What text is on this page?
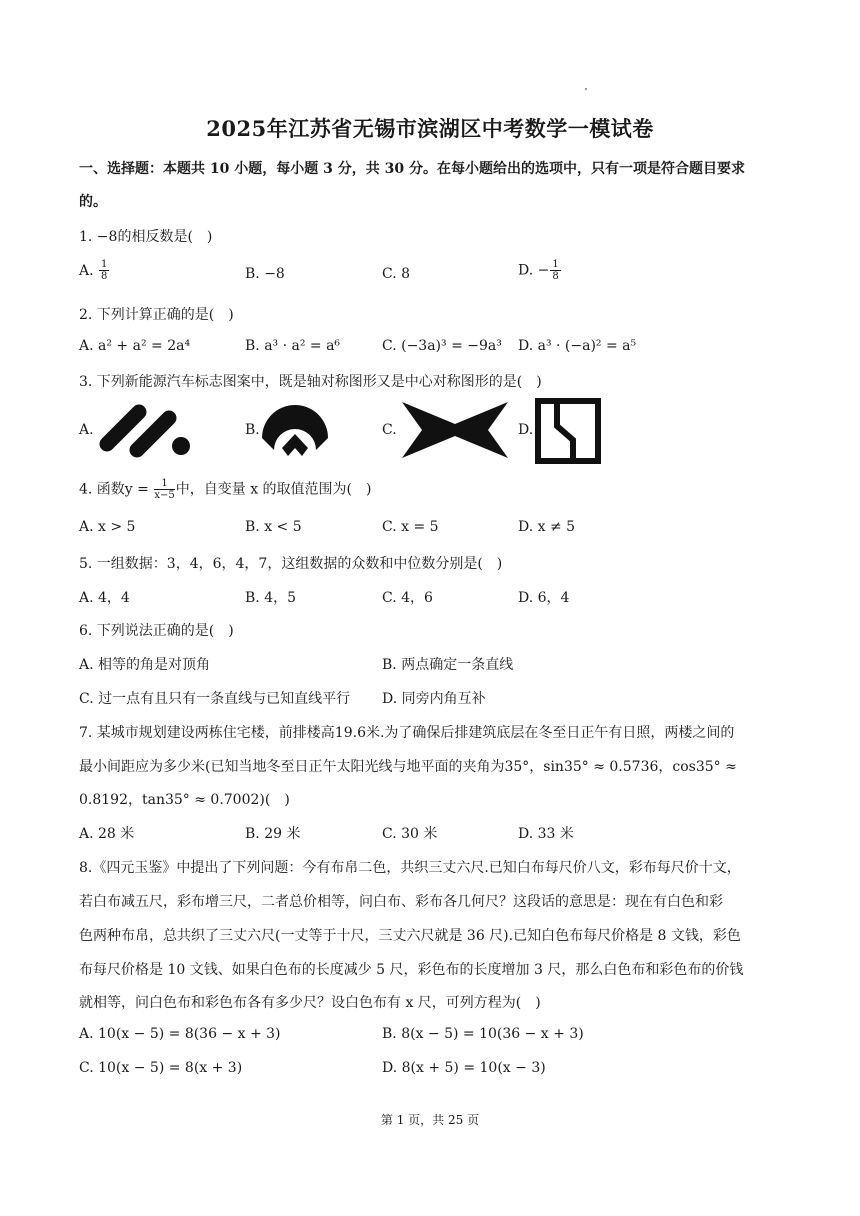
2025年江苏省无锡市滨湖区中考数学一模试卷
一、选择题：本题共 10 小题，每小题 3 分，共 30 分。在每小题给出的选项中，只有一项是符合题目要求
的。
1. −8的相反数是(　)
A. $\frac{1}{8}$	B. −8	C. 8	D. − $\frac{1}{8}$
2. 下列计算正确的是(　)
A. a² + a² = 2a⁴	B. a³ · a² = a⁶	C. (−3a)³ = −9a³ D. a³ · (−a)² = a⁵
3. 下列新能源汽车标志图案中，既是轴对称图形又是中心对称图形的是(　)
A.	B.	C.	D.
4. 函数$y = \frac{1}{x-5}$ 中，自变量 x 的取值范围为(　)
A. x > 5	B. x < 5	C. x = 5	D. x ≠ 5
5. 一组数据：3，4，6，4，7，这组数据的众数和中位数分别是(　)
A. 4，4	B. 4，5	C. 4，6	D. 6，4
6. 下列说法正确的是(　)
A. 相等的角是对顶角	B. 两点确定一条直线
C. 过一点有且只有一条直线与已知直线平行 D. 同旁内角互补
7. 某城市规划建设两栋住宅楼，前排楼高19.6米.为了确保后排建筑底层在冬至日正午有日照，两楼之间的
最小间距应为多少米(已知当地冬至日正午太阳光线与地平面的夹角为35°，sin35° ≈ 0.5736，cos35° ≈
0.8192，tan35° ≈ 0.7002)(　)
A. 28 米	B. 29 米	C. 30 米	D. 33 米
8.《四元玉鉴》中提出了下列问题：今有布帛二色，共织三丈六尺.已知白布每尺价八文，彩布每尺价十文，
若白布减五尺，彩布增三尺，二者总价相等，问白布、彩布各几何尺？这段话的意思是：现在有白色和彩
色两种布帛，总共织了三丈六尺(一丈等于十尺，三丈六尺就是 36 尺).已知白色布每尺价格是 8 文钱，彩色
布每尺价格是 10 文钱、如果白色布的长度减少 5 尺，彩色布的长度增加 3 尺，那么白色布和彩色布的价钱
就相等，问白色布和彩色布各有多少尺？设白色布有 x 尺，可列方程为(　)
A. 10(x − 5) = 8(36 − x + 3)	B. 8(x − 5) = 10(36 − x + 3)
C. 10(x − 5) = 8(x + 3)	D. 8(x + 5) = 10(x − 3)
第 1 页，共 25 页
